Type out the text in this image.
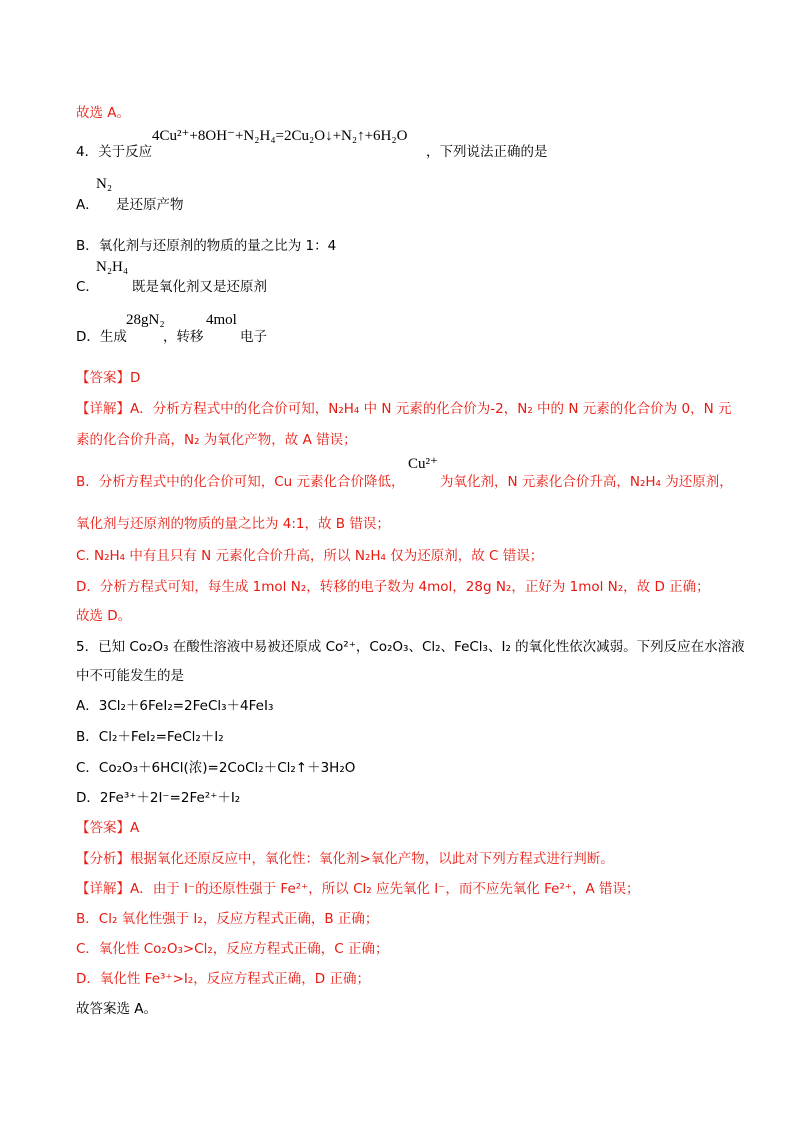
故选 A。
4．关于反应
4Cu²⁺+8OH⁻+N₂H₄=2Cu₂O↓+N₂↑+6H₂O
，下列说法正确的是
A．
N₂
是还原产物
B．氧化剂与还原剂的物质的量之比为 1：4
C．
N₂H₄
既是氧化剂又是还原剂
D．生成
28gN₂
，转移
4mol
电子
【答案】D
【详解】A．分析方程式中的化合价可知，N₂H₄ 中 N 元素的化合价为-2，N₂ 中的 N 元素的化合价为 0，N 元
素的化合价升高，N₂ 为氧化产物，故 A 错误；
B．分析方程式中的化合价可知，Cu 元素化合价降低，
Cu²⁺
为氧化剂，N 元素化合价升高，N₂H₄ 为还原剂，
氧化剂与还原剂的物质的量之比为 4:1，故 B 错误；
C. N₂H₄ 中有且只有 N 元素化合价升高，所以 N₂H₄ 仅为还原剂，故 C 错误；
D．分析方程式可知，每生成 1mol N₂，转移的电子数为 4mol，28g N₂，正好为 1mol N₂，故 D 正确；
故选 D。
5．已知 Co₂O₃ 在酸性溶液中易被还原成 Co²⁺，Co₂O₃、Cl₂、FeCl₃、I₂ 的氧化性依次减弱。下列反应在水溶液
中不可能发生的是
A．3Cl₂＋6FeI₂=2FeCl₃＋4FeI₃
B．Cl₂＋FeI₂=FeCl₂＋I₂
C．Co₂O₃＋6HCl(浓)=2CoCl₂＋Cl₂↑＋3H₂O
D．2Fe³⁺＋2I⁻=2Fe²⁺＋I₂
【答案】A
【分析】根据氧化还原反应中，氧化性：氧化剂>氧化产物，以此对下列方程式进行判断。
【详解】A．由于 I⁻的还原性强于 Fe²⁺，所以 Cl₂ 应先氧化 I⁻，而不应先氧化 Fe²⁺，A 错误；
B．Cl₂ 氧化性强于 I₂，反应方程式正确，B 正确；
C．氧化性 Co₂O₃>Cl₂，反应方程式正确，C 正确；
D．氧化性 Fe³⁺>I₂，反应方程式正确，D 正确；
故答案选 A。
